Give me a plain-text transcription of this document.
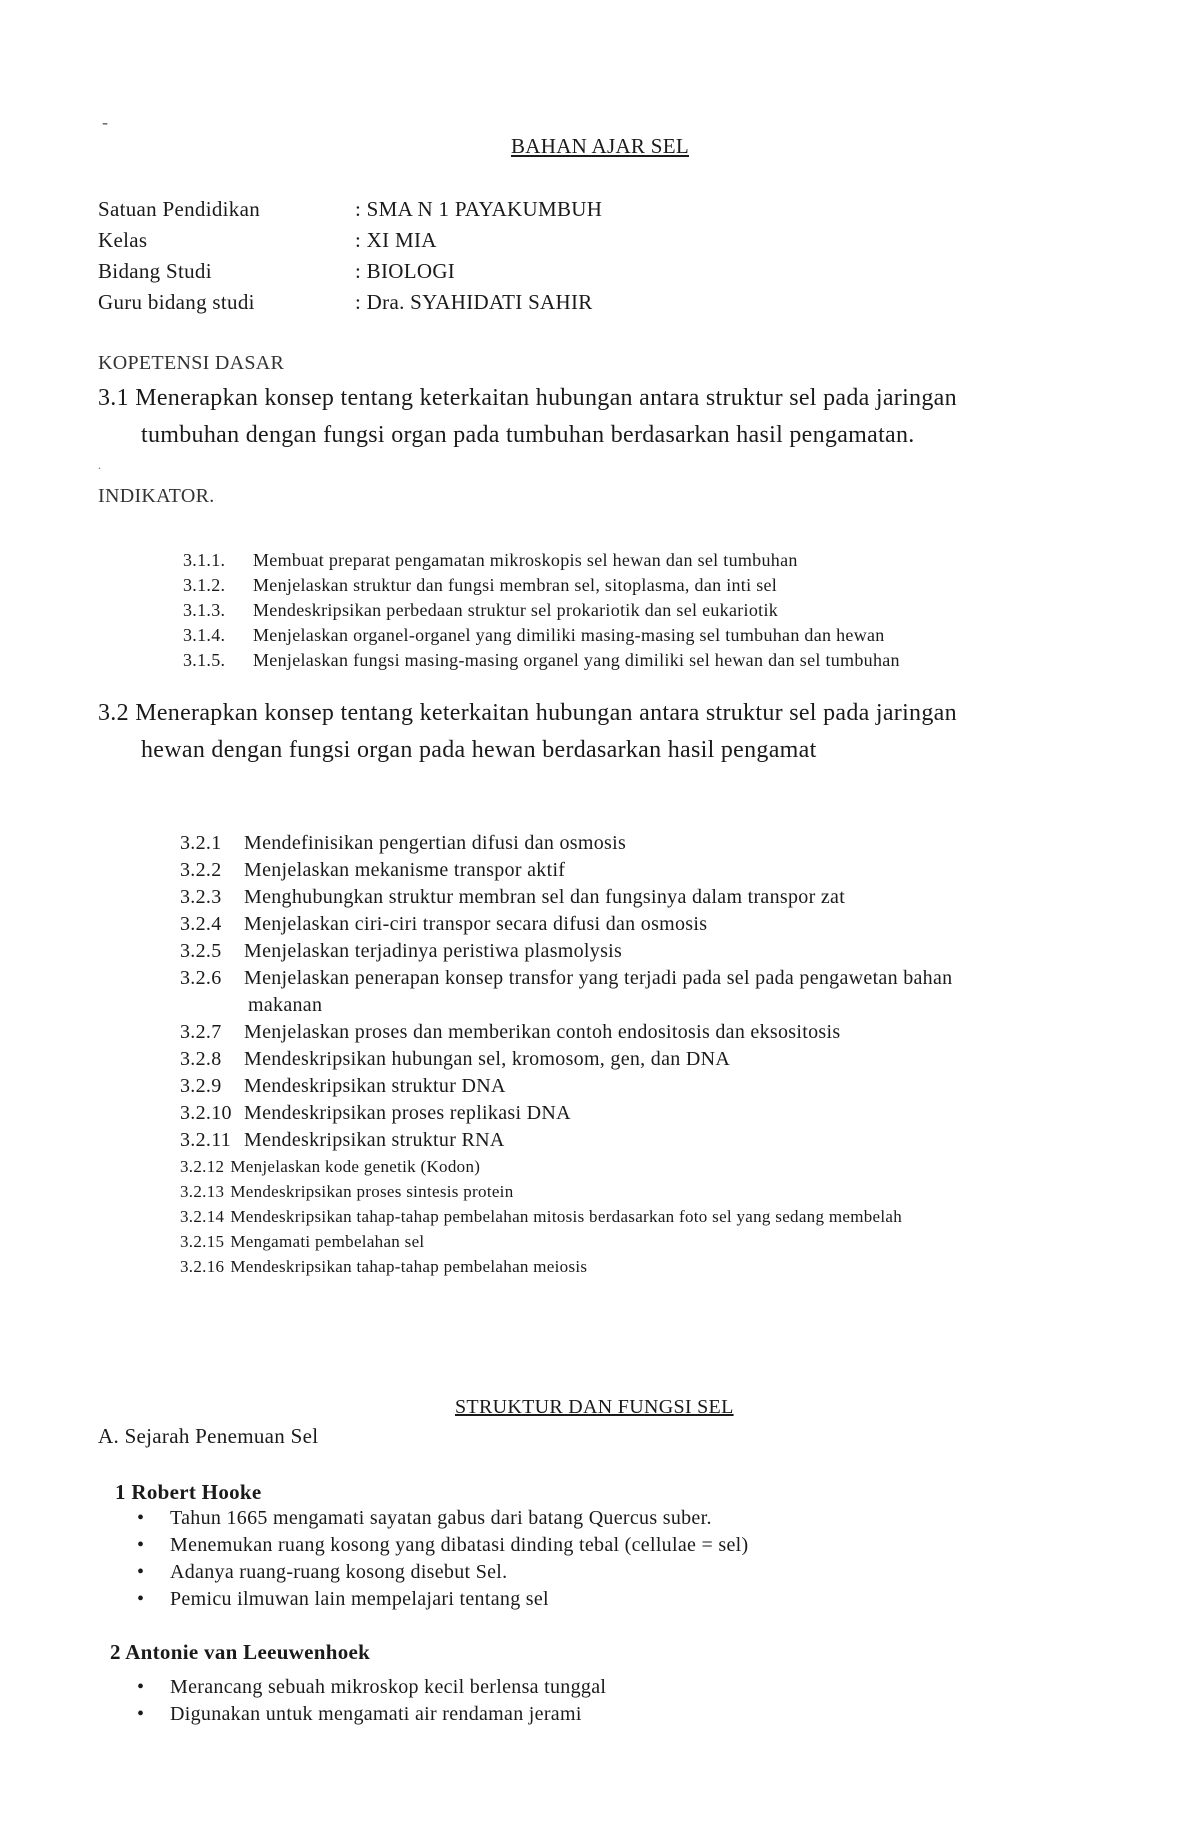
-
BAHAN AJAR SEL
Satuan Pendidikan	: SMA N 1 PAYAKUMBUH
Kelas	: XI MIA
Bidang Studi	: BIOLOGI
Guru bidang studi	: Dra. SYAHIDATI SAHIR
KOPETENSI DASAR
3.1 Menerapkan konsep tentang keterkaitan hubungan antara struktur sel pada jaringan
tumbuhan dengan fungsi organ pada tumbuhan berdasarkan hasil pengamatan.
.
INDIKATOR.
3.1.1.	Membuat preparat pengamatan mikroskopis sel hewan dan sel tumbuhan
3.1.2.	Menjelaskan struktur dan fungsi membran sel, sitoplasma, dan inti sel
3.1.3.	Mendeskripsikan perbedaan struktur sel prokariotik dan sel eukariotik
3.1.4.	Menjelaskan organel-organel yang dimiliki masing-masing sel tumbuhan dan hewan
3.1.5.	Menjelaskan fungsi masing-masing organel yang dimiliki sel hewan dan sel tumbuhan
3.2 Menerapkan konsep tentang keterkaitan hubungan antara struktur sel pada jaringan
hewan dengan fungsi organ pada hewan berdasarkan hasil pengamat
3.2.1	Mendefinisikan pengertian difusi dan osmosis
3.2.2	Menjelaskan mekanisme transpor aktif
3.2.3	Menghubungkan struktur membran sel dan fungsinya dalam transpor zat
3.2.4	Menjelaskan ciri-ciri transpor secara difusi dan osmosis
3.2.5	Menjelaskan terjadinya peristiwa plasmolysis
3.2.6	Menjelaskan penerapan konsep transfor yang terjadi pada sel pada pengawetan bahan
makanan
3.2.7	Menjelaskan proses dan memberikan contoh endositosis dan eksositosis
3.2.8	Mendeskripsikan hubungan sel, kromosom, gen, dan DNA
3.2.9	Mendeskripsikan struktur DNA
3.2.10 Mendeskripsikan proses replikasi DNA
3.2.11 Mendeskripsikan struktur RNA
3.2.12 Menjelaskan kode genetik (Kodon)
3.2.13 Mendeskripsikan proses sintesis protein
3.2.14 Mendeskripsikan tahap-tahap pembelahan mitosis berdasarkan foto sel yang sedang membelah
3.2.15 Mengamati pembelahan sel
3.2.16 Mendeskripsikan tahap-tahap pembelahan meiosis
STRUKTUR DAN FUNGSI SEL
A. Sejarah Penemuan Sel
1 Robert Hooke
•	Tahun 1665 mengamati sayatan gabus dari batang Quercus suber.
•	Menemukan ruang kosong yang dibatasi dinding tebal (cellulae = sel)
•	Adanya ruang-ruang kosong disebut Sel.
•	Pemicu ilmuwan lain mempelajari tentang sel
2 Antonie van Leeuwenhoek
•	Merancang sebuah mikroskop kecil berlensa tunggal
•	Digunakan untuk mengamati air rendaman jerami
